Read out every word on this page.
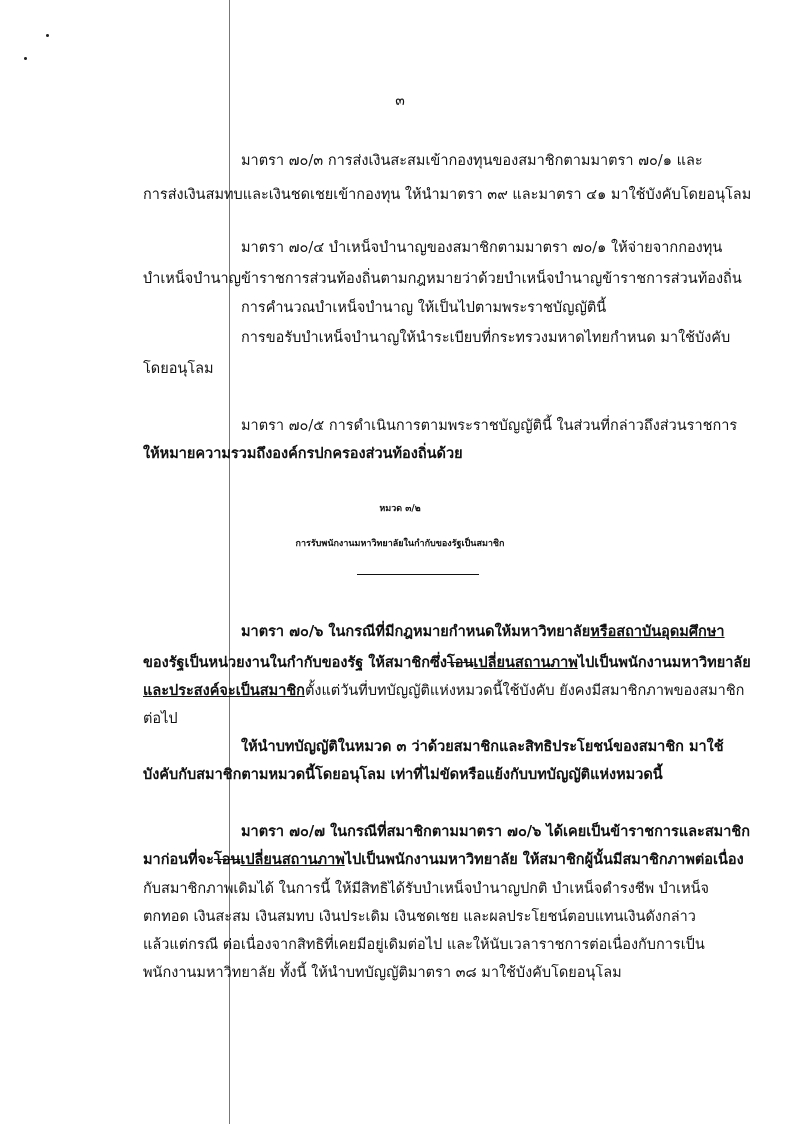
๓
มาตรา ๗๐/๓ การส่งเงินสะสมเข้ากองทุนของสมาชิกตามมาตรา ๗๐/๑ และ
การส่งเงินสมทบและเงินชดเชยเข้ากองทุน ให้นำมาตรา ๓๙ และมาตรา ๔๑ มาใช้บังคับโดยอนุโลม
มาตรา ๗๐/๔ บำเหน็จบำนาญของสมาชิกตามมาตรา ๗๐/๑ ให้จ่ายจากกองทุน
บำเหน็จบำนาญข้าราชการส่วนท้องถิ่นตามกฎหมายว่าด้วยบำเหน็จบำนาญข้าราชการส่วนท้องถิ่น
การคำนวณบำเหน็จบำนาญ ให้เป็นไปตามพระราชบัญญัตินี้
การขอรับบำเหน็จบำนาญให้นำระเบียบที่กระทรวงมหาดไทยกำหนด มาใช้บังคับ
โดยอนุโลม
มาตรา ๗๐/๕ การดำเนินการตามพระราชบัญญัตินี้ ในส่วนที่กล่าวถึงส่วนราชการ
ให้หมายความรวมถึงองค์กรปกครองส่วนท้องถิ่นด้วย
หมวด ๓/๒
การรับพนักงานมหาวิทยาลัยในกำกับของรัฐเป็นสมาชิก
มาตรา ๗๐/๖ ในกรณีที่มีกฎหมายกำหนดให้มหาวิทยาลัยหรือสถาบันอุดมศึกษา
ของรัฐเป็นหน่วยงานในกำกับของรัฐ ให้สมาชิกซึ่งโอนเปลี่ยนสถานภาพไปเป็นพนักงานมหาวิทยาลัย
และประสงค์จะเป็นสมาชิกตั้งแต่วันที่บทบัญญัติแห่งหมวดนี้ใช้บังคับ ยังคงมีสมาชิกภาพของสมาชิก
ต่อไป
ให้นำบทบัญญัติในหมวด ๓ ว่าด้วยสมาชิกและสิทธิประโยชน์ของสมาชิก มาใช้
บังคับกับสมาชิกตามหมวดนี้โดยอนุโลม เท่าที่ไม่ขัดหรือแย้งกับบทบัญญัติแห่งหมวดนี้
มาตรา ๗๐/๗ ในกรณีที่สมาชิกตามมาตรา ๗๐/๖ ได้เคยเป็นข้าราชการและสมาชิก
มาก่อนที่จะโอนเปลี่ยนสถานภาพไปเป็นพนักงานมหาวิทยาลัย ให้สมาชิกผู้นั้นมีสมาชิกภาพต่อเนื่อง
กับสมาชิกภาพเดิมได้ ในการนี้ ให้มีสิทธิได้รับบำเหน็จบำนาญปกติ บำเหน็จดำรงชีพ บำเหน็จ
ตกทอด เงินสะสม เงินสมทบ เงินประเดิม เงินชดเชย และผลประโยชน์ตอบแทนเงินดังกล่าว
แล้วแต่กรณี ต่อเนื่องจากสิทธิที่เคยมีอยู่เดิมต่อไป และให้นับเวลาราชการต่อเนื่องกับการเป็น
พนักงานมหาวิทยาลัย ทั้งนี้ ให้นำบทบัญญัติมาตรา ๓๘ มาใช้บังคับโดยอนุโลม
